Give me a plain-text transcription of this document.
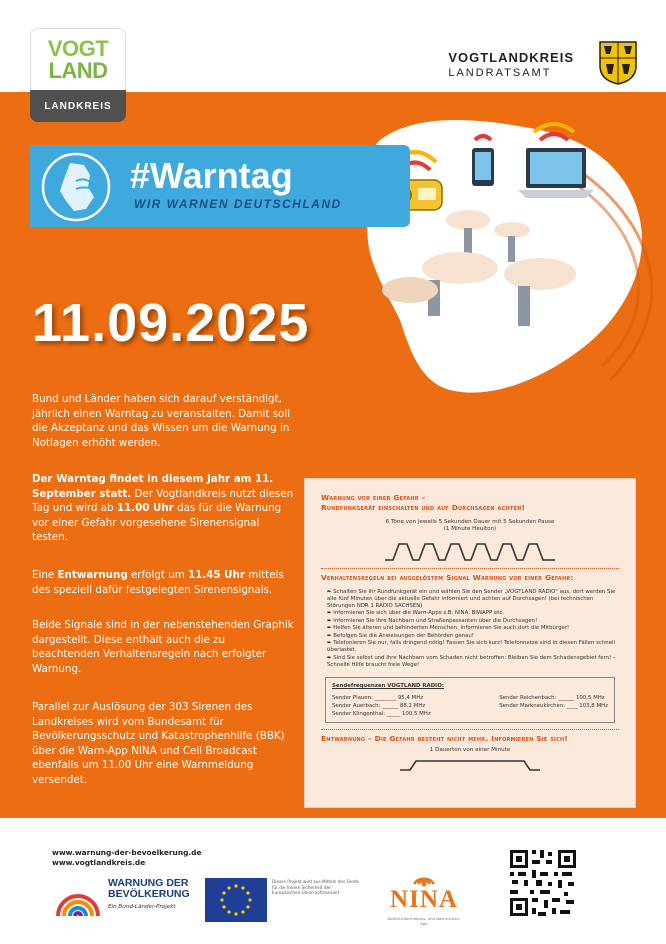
VOGTLANDKREIS
LANDRATSAMT
VOGT
LAND
LANDKREIS
#Warntag
WIR WARNEN DEUTSCHLAND
11.09.2025
Bund und Länder haben sich darauf verständigt, jährlich einen Warntag zu veranstalten. Damit soll die Akzeptanz und das Wissen um die Warnung in Notlagen erhöht werden.
Der Warntag findet in diesem Jahr am 11. September statt. Der Vogtlandkreis nutzt diesen Tag und wird ab 11.00 Uhr das für die Warnung vor einer Gefahr vorgesehene Sirenensignal testen.
Eine Entwarnung erfolgt um 11.45 Uhr mittels des speziell dafür festgelegten Sirenensignals.
Beide Signale sind in der nebenstehenden Graphik dargestellt. Diese enthält auch die zu beachtenden Verhaltensregeln nach erfolgter Warnung.
Parallel zur Auslösung der 303 Sirenen des Landkreises wird vom Bundesamt für Bevölkerungsschutz und Katastrophenhilfe (BBK) über die Warn-App NINA und Cell Broadcast ebenfalls um 11.00 Uhr eine Warnmeldung versendet.
Warnung vor einer Gefahr –
Rundfunkgerät einschalten und auf Durchsagen achten!
6 Töne von jeweils 5 Sekunden Dauer mit 5 Sekunden Pause
(1 Minute Heulton)
Verhaltensregeln bei ausgelöstem Signal Warnung vor einer Gefahr:
➨ Schalten Sie Ihr Rundfunkgerät ein und wählen Sie den Sender „VOGTLAND RADIO" aus, dort werden Sie alle fünf Minuten über die aktuelle Gefahr informiert und achten auf Durchsagen! (bei technischen Störungen NDR 1 RADIO SACHSEN)
➨ Informieren Sie sich über die Warn-Apps z.B. NINA, BIWAPP etc.
➨ Informieren Sie Ihre Nachbarn und Straßenpassanten über die Durchsagen!
➨ Helfen Sie älteren und behinderten Menschen. Informieren Sie auch dort die Mitbürger!
➨ Befolgen Sie die Anweisungen der Behörden genau!
➨ Telefonieren Sie nur, falls dringend nötig! Fassen Sie sich kurz! Telefonnetze sind in diesen Fällen schnell überlastet.
➨ Sind Sie selbst und Ihre Nachbarn vom Schaden nicht betroffen: Bleiben Sie dem Schadensgebiet fern! – Schnelle Hilfe braucht freie Wege!
Sendefrequenzen VOGTLAND RADIO:
Sender Plauen: ________ 95,4 MHz
Sender Auerbach: ______ 88,2 MHz
Sender Klingenthal: _____ 100,5 MHz
Sender Reichenbach: ______ 100,5 MHz
Sender Markneukirchen: ____ 103,8 MHz
Entwarnung – Die Gefahr besteht nicht mehr. Informieren Sie sich!
1 Dauerton von einer Minute
www.warnung-der-bevoelkerung.de
www.vogtlandkreis.de
WARNUNG DER
BEVÖLKERUNG
Ein Bund-Länder-Projekt
Dieses Projekt wird aus Mitteln des Fonds für die Innere Sicherheit der Europäischen Union kofinanziert	NINA
Notfall-Informations- und Nachrichten-App
